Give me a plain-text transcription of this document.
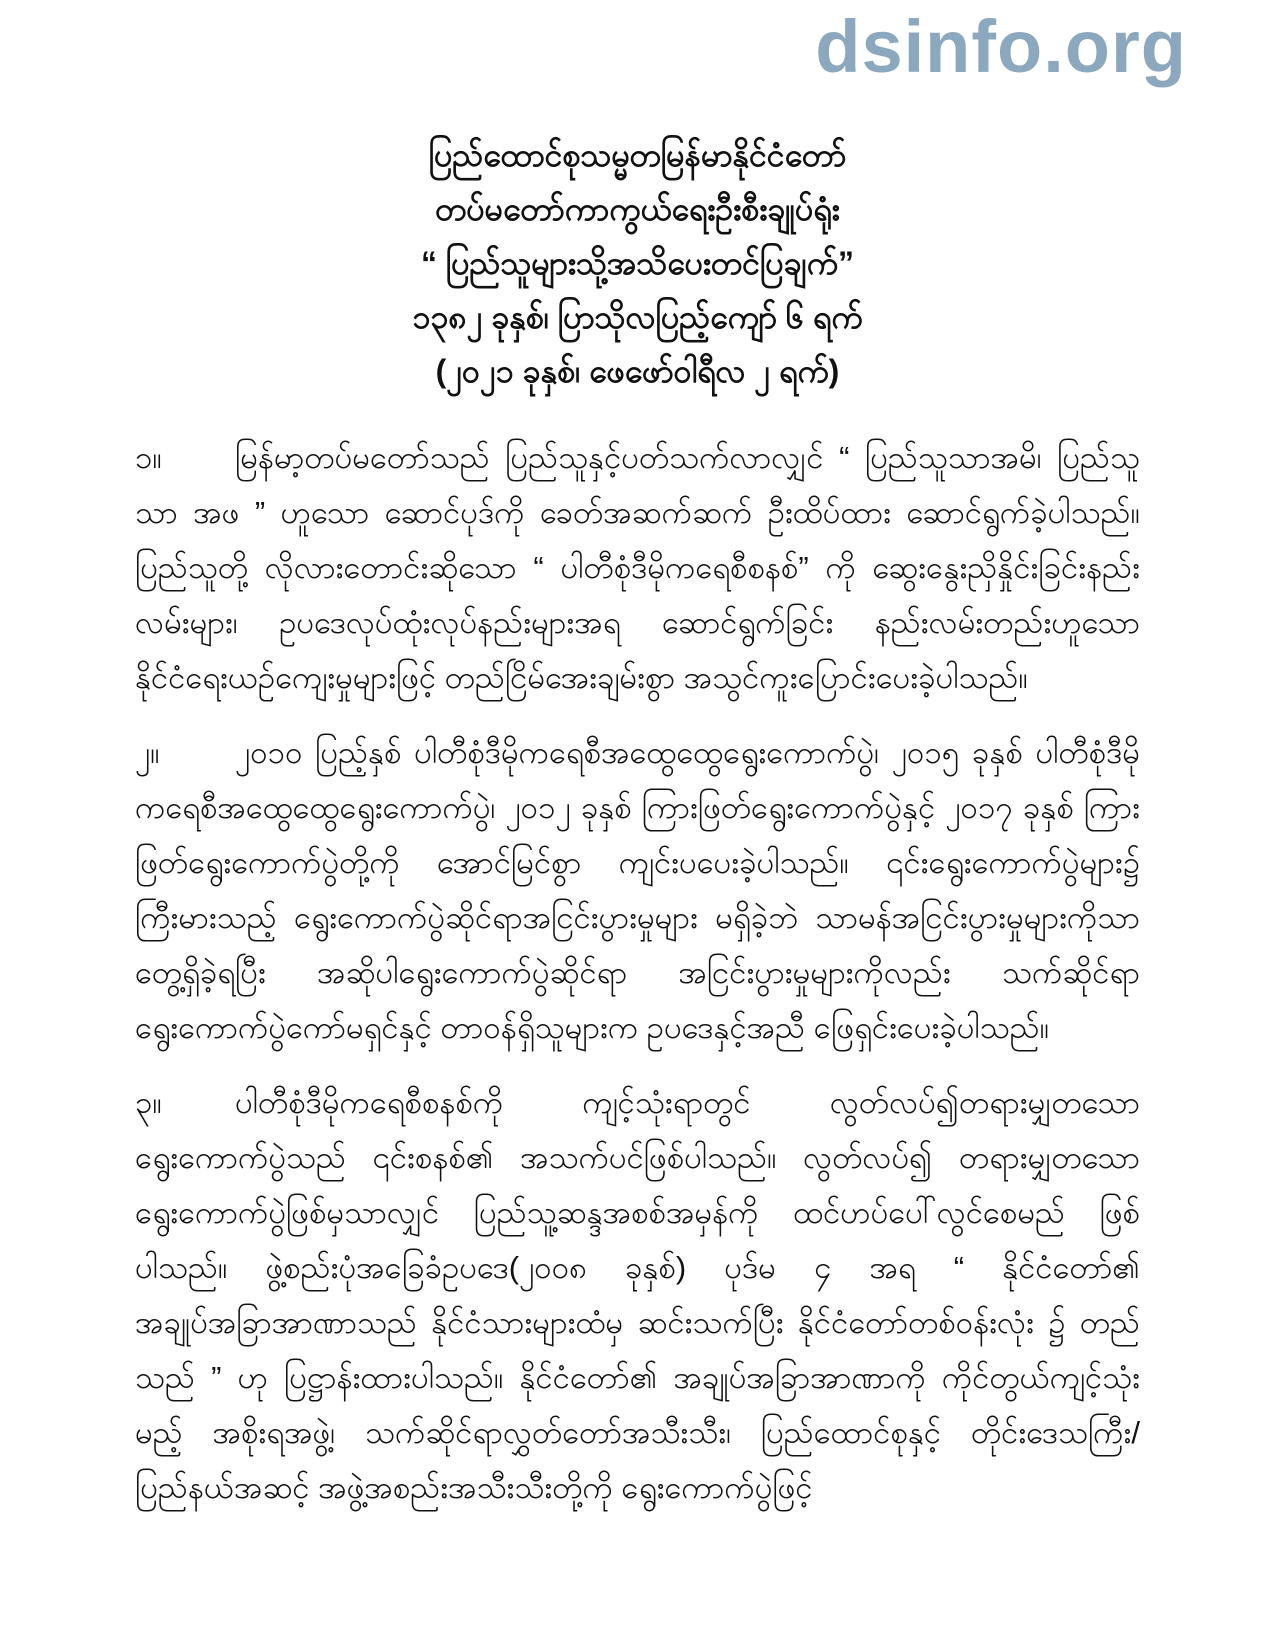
dsinfo.org
ပြည်ထောင်စုသမ္မတမြန်မာနိုင်ငံတော်
တပ်မတော်ကာကွယ်ရေးဦးစီးချုပ်ရုံး
“ ပြည်သူများသို့အသိပေးတင်ပြချက်”
၁၃၈၂ ခုနှစ်၊ ပြာသိုလပြည့်ကျော် ၆ ရက်
(၂၀၂၁ ခုနှစ်၊ ဖေဖော်ဝါရီလ ၂ ရက်)

၁။ မြန်မာ့တပ်မတော်သည် ပြည်သူနှင့်ပတ်သက်လာလျှင် “ ပြည်သူသာအမိ၊ ပြည်သူသာ အဖ ” ဟူသော ဆောင်ပုဒ်ကို ခေတ်အဆက်ဆက် ဦးထိပ်ထား ဆောင်ရွက်ခဲ့ပါသည်။ ပြည်သူတို့ လိုလားတောင်းဆိုသော “ ပါတီစုံဒီမိုကရေစီစနစ်” ကို ဆွေးနွေးညှိနှိုင်းခြင်းနည်းလမ်းများ၊ ဥပဒေလုပ်ထုံးလုပ်နည်းများအရ ဆောင်ရွက်ခြင်း နည်းလမ်းတည်းဟူသော နိုင်ငံရေးယဉ်ကျေးမှုများဖြင့် တည်ငြိမ်အေးချမ်းစွာ အသွင်ကူးပြောင်းပေးခဲ့ပါသည်။

၂။ ၂၀၁၀ ပြည့်နှစ် ပါတီစုံဒီမိုကရေစီအထွေထွေရွေးကောက်ပွဲ၊ ၂၀၁၅ ခုနှစ် ပါတီစုံဒီမိုကရေစီအထွေထွေရွေးကောက်ပွဲ၊ ၂၀၁၂ ခုနှစ် ကြားဖြတ်ရွေးကောက်ပွဲနှင့် ၂၀၁၇ ခုနှစ် ကြားဖြတ်ရွေးကောက်ပွဲတို့ကို အောင်မြင်စွာ ကျင်းပပေးခဲ့ပါသည်။ ၎င်းရွေးကောက်ပွဲများ၌ ကြီးမားသည့် ရွေးကောက်ပွဲဆိုင်ရာအငြင်းပွားမှုများ မရှိခဲ့ဘဲ သာမန်အငြင်းပွားမှုများကိုသာ တွေ့ရှိခဲ့ရပြီး အဆိုပါရွေးကောက်ပွဲဆိုင်ရာ အငြင်းပွားမှုများကိုလည်း သက်ဆိုင်ရာရွေးကောက်ပွဲကော်မရှင်နှင့် တာဝန်ရှိသူများက ဥပဒေနှင့်အညီ ဖြေရှင်းပေးခဲ့ပါသည်။

၃။ ပါတီစုံဒီမိုကရေစီစနစ်ကို ကျင့်သုံးရာတွင် လွတ်လပ်၍တရားမျှတသော ရွေးကောက်ပွဲသည် ၎င်းစနစ်၏ အသက်ပင်ဖြစ်ပါသည်။ လွတ်လပ်၍ တရားမျှတသော ရွေးကောက်ပွဲဖြစ်မှသာလျှင် ပြည်သူ့ဆန္ဒအစစ်အမှန်ကို ထင်ဟပ်ပေါ်လွင်စေမည် ဖြစ်ပါသည်။ ဖွဲ့စည်းပုံအခြေခံဥပဒေ(၂၀၀၈ ခုနှစ်) ပုဒ်မ ၄ အရ “ နိုင်ငံတော်၏ အချုပ်အခြာအာဏာသည် နိုင်ငံသားများထံမှ ဆင်းသက်ပြီး နိုင်ငံတော်တစ်ဝန်းလုံး ၌ တည်သည် ” ဟု ပြဋ္ဌာန်းထားပါသည်။ နိုင်ငံတော်၏ အချုပ်အခြာအာဏာကို ကိုင်တွယ်ကျင့်သုံးမည့် အစိုးရအဖွဲ့၊ သက်ဆိုင်ရာလွှတ်တော်အသီးသီး၊ ပြည်ထောင်စုနှင့် တိုင်းဒေသကြီး/ ပြည်နယ်အဆင့် အဖွဲ့အစည်းအသီးသီးတို့ကို ရွေးကောက်ပွဲဖြင့်
